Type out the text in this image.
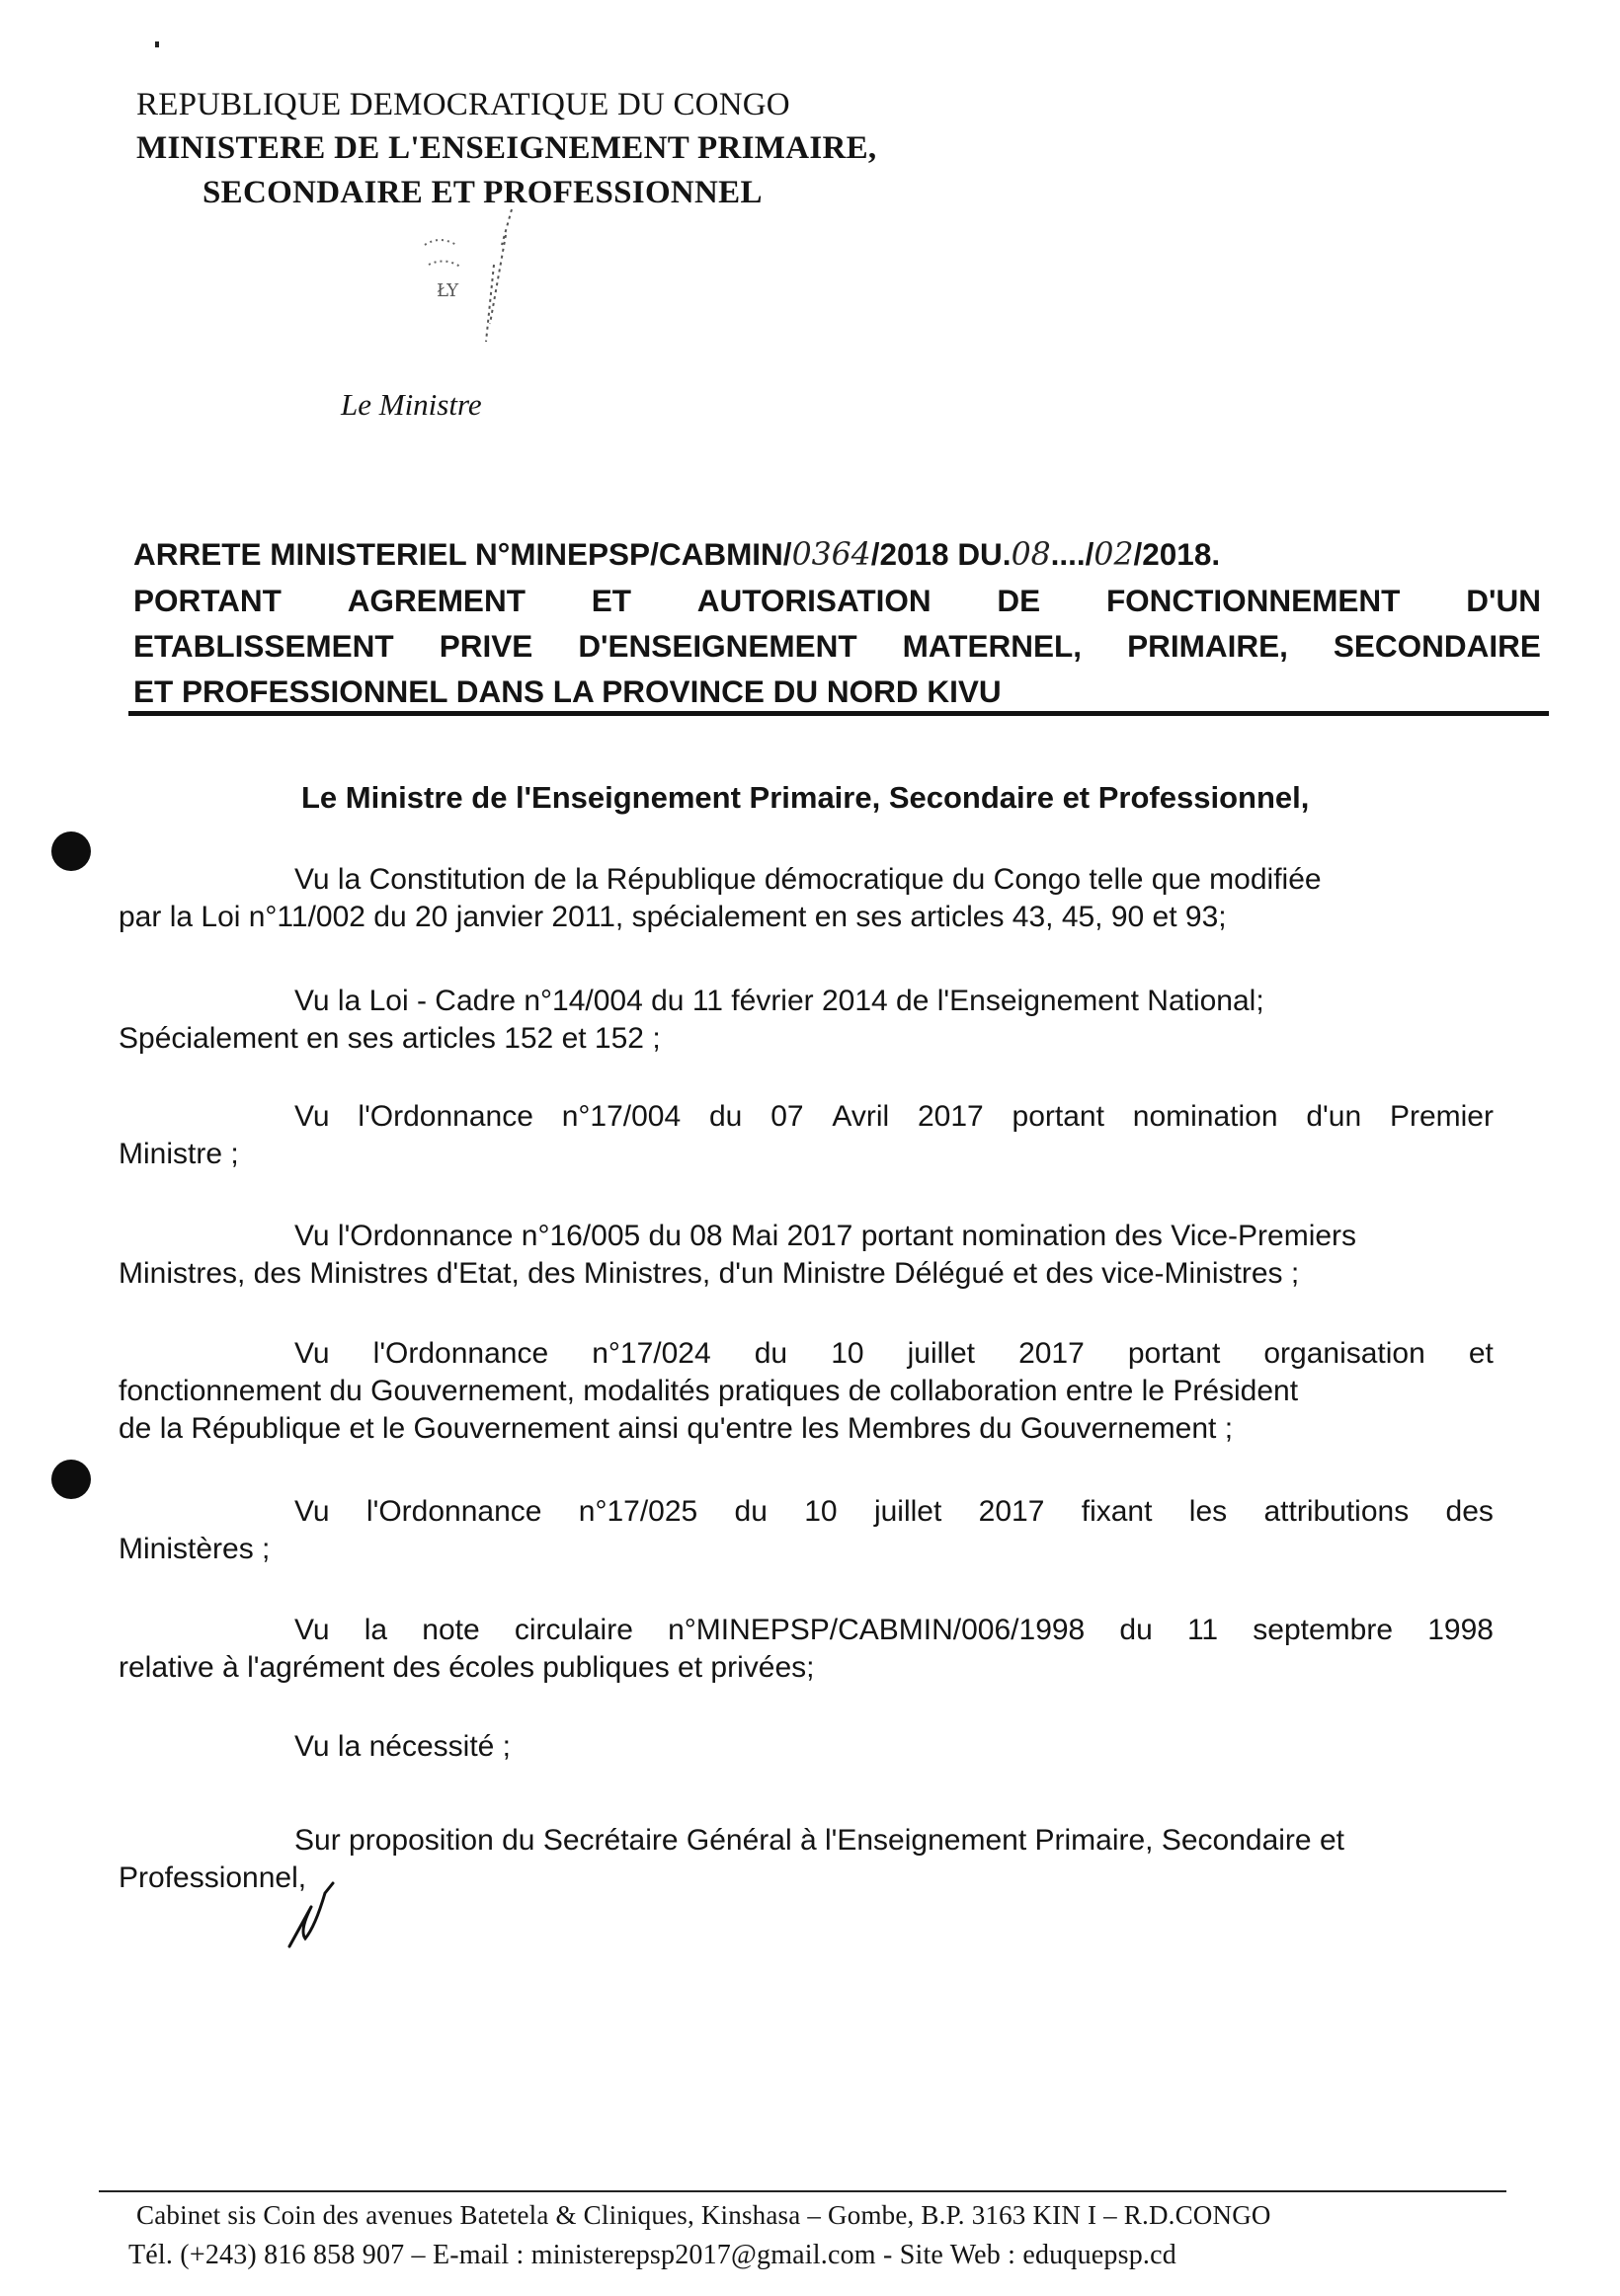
REPUBLIQUE DEMOCRATIQUE DU CONGO
MINISTERE DE L'ENSEIGNEMENT PRIMAIRE,
SECONDAIRE ET PROFESSIONNEL
ŁY
Le Ministre
ARRETE MINISTERIEL N°MINEPSP/CABMIN/0364/2018 DU.08..../02/2018.
PORTANT AGREMENT ET AUTORISATION DE FONCTIONNEMENT D'UN
ETABLISSEMENT PRIVE D'ENSEIGNEMENT MATERNEL, PRIMAIRE, SECONDAIRE
ET PROFESSIONNEL DANS LA PROVINCE DU NORD KIVU
Le Ministre de l'Enseignement Primaire, Secondaire et Professionnel,
Vu la Constitution de la République démocratique du Congo telle que modifiée
par la Loi n°11/002 du 20 janvier 2011, spécialement en ses articles 43, 45, 90 et 93;
Vu la Loi - Cadre n°14/004 du 11 février 2014 de l'Enseignement National;
Spécialement en ses articles 152 et 152 ;
Vu l'Ordonnance n°17/004 du 07 Avril 2017 portant nomination d'un Premier
Ministre ;
Vu l'Ordonnance n°16/005 du 08 Mai 2017 portant nomination des Vice-Premiers
Ministres, des Ministres d'Etat, des Ministres, d'un Ministre Délégué et des vice-Ministres ;
Vu l'Ordonnance n°17/024 du 10 juillet 2017 portant organisation et
fonctionnement du Gouvernement, modalités pratiques de collaboration entre le Président
de la République et le Gouvernement ainsi qu'entre les Membres du Gouvernement ;
Vu l'Ordonnance n°17/025 du 10 juillet 2017 fixant les attributions des
Ministères ;
Vu la note circulaire n°MINEPSP/CABMIN/006/1998 du 11 septembre 1998
relative à l'agrément des écoles publiques et privées;
Vu la nécessité ;
Sur proposition du Secrétaire Général à l'Enseignement Primaire, Secondaire et
Professionnel,
Cabinet sis Coin des avenues Batetela & Cliniques, Kinshasa – Gombe, B.P. 3163 KIN I – R.D.CONGO
Tél. (+243) 816 858 907 – E-mail : ministerepsp2017@gmail.com - Site Web : eduquepsp.cd
